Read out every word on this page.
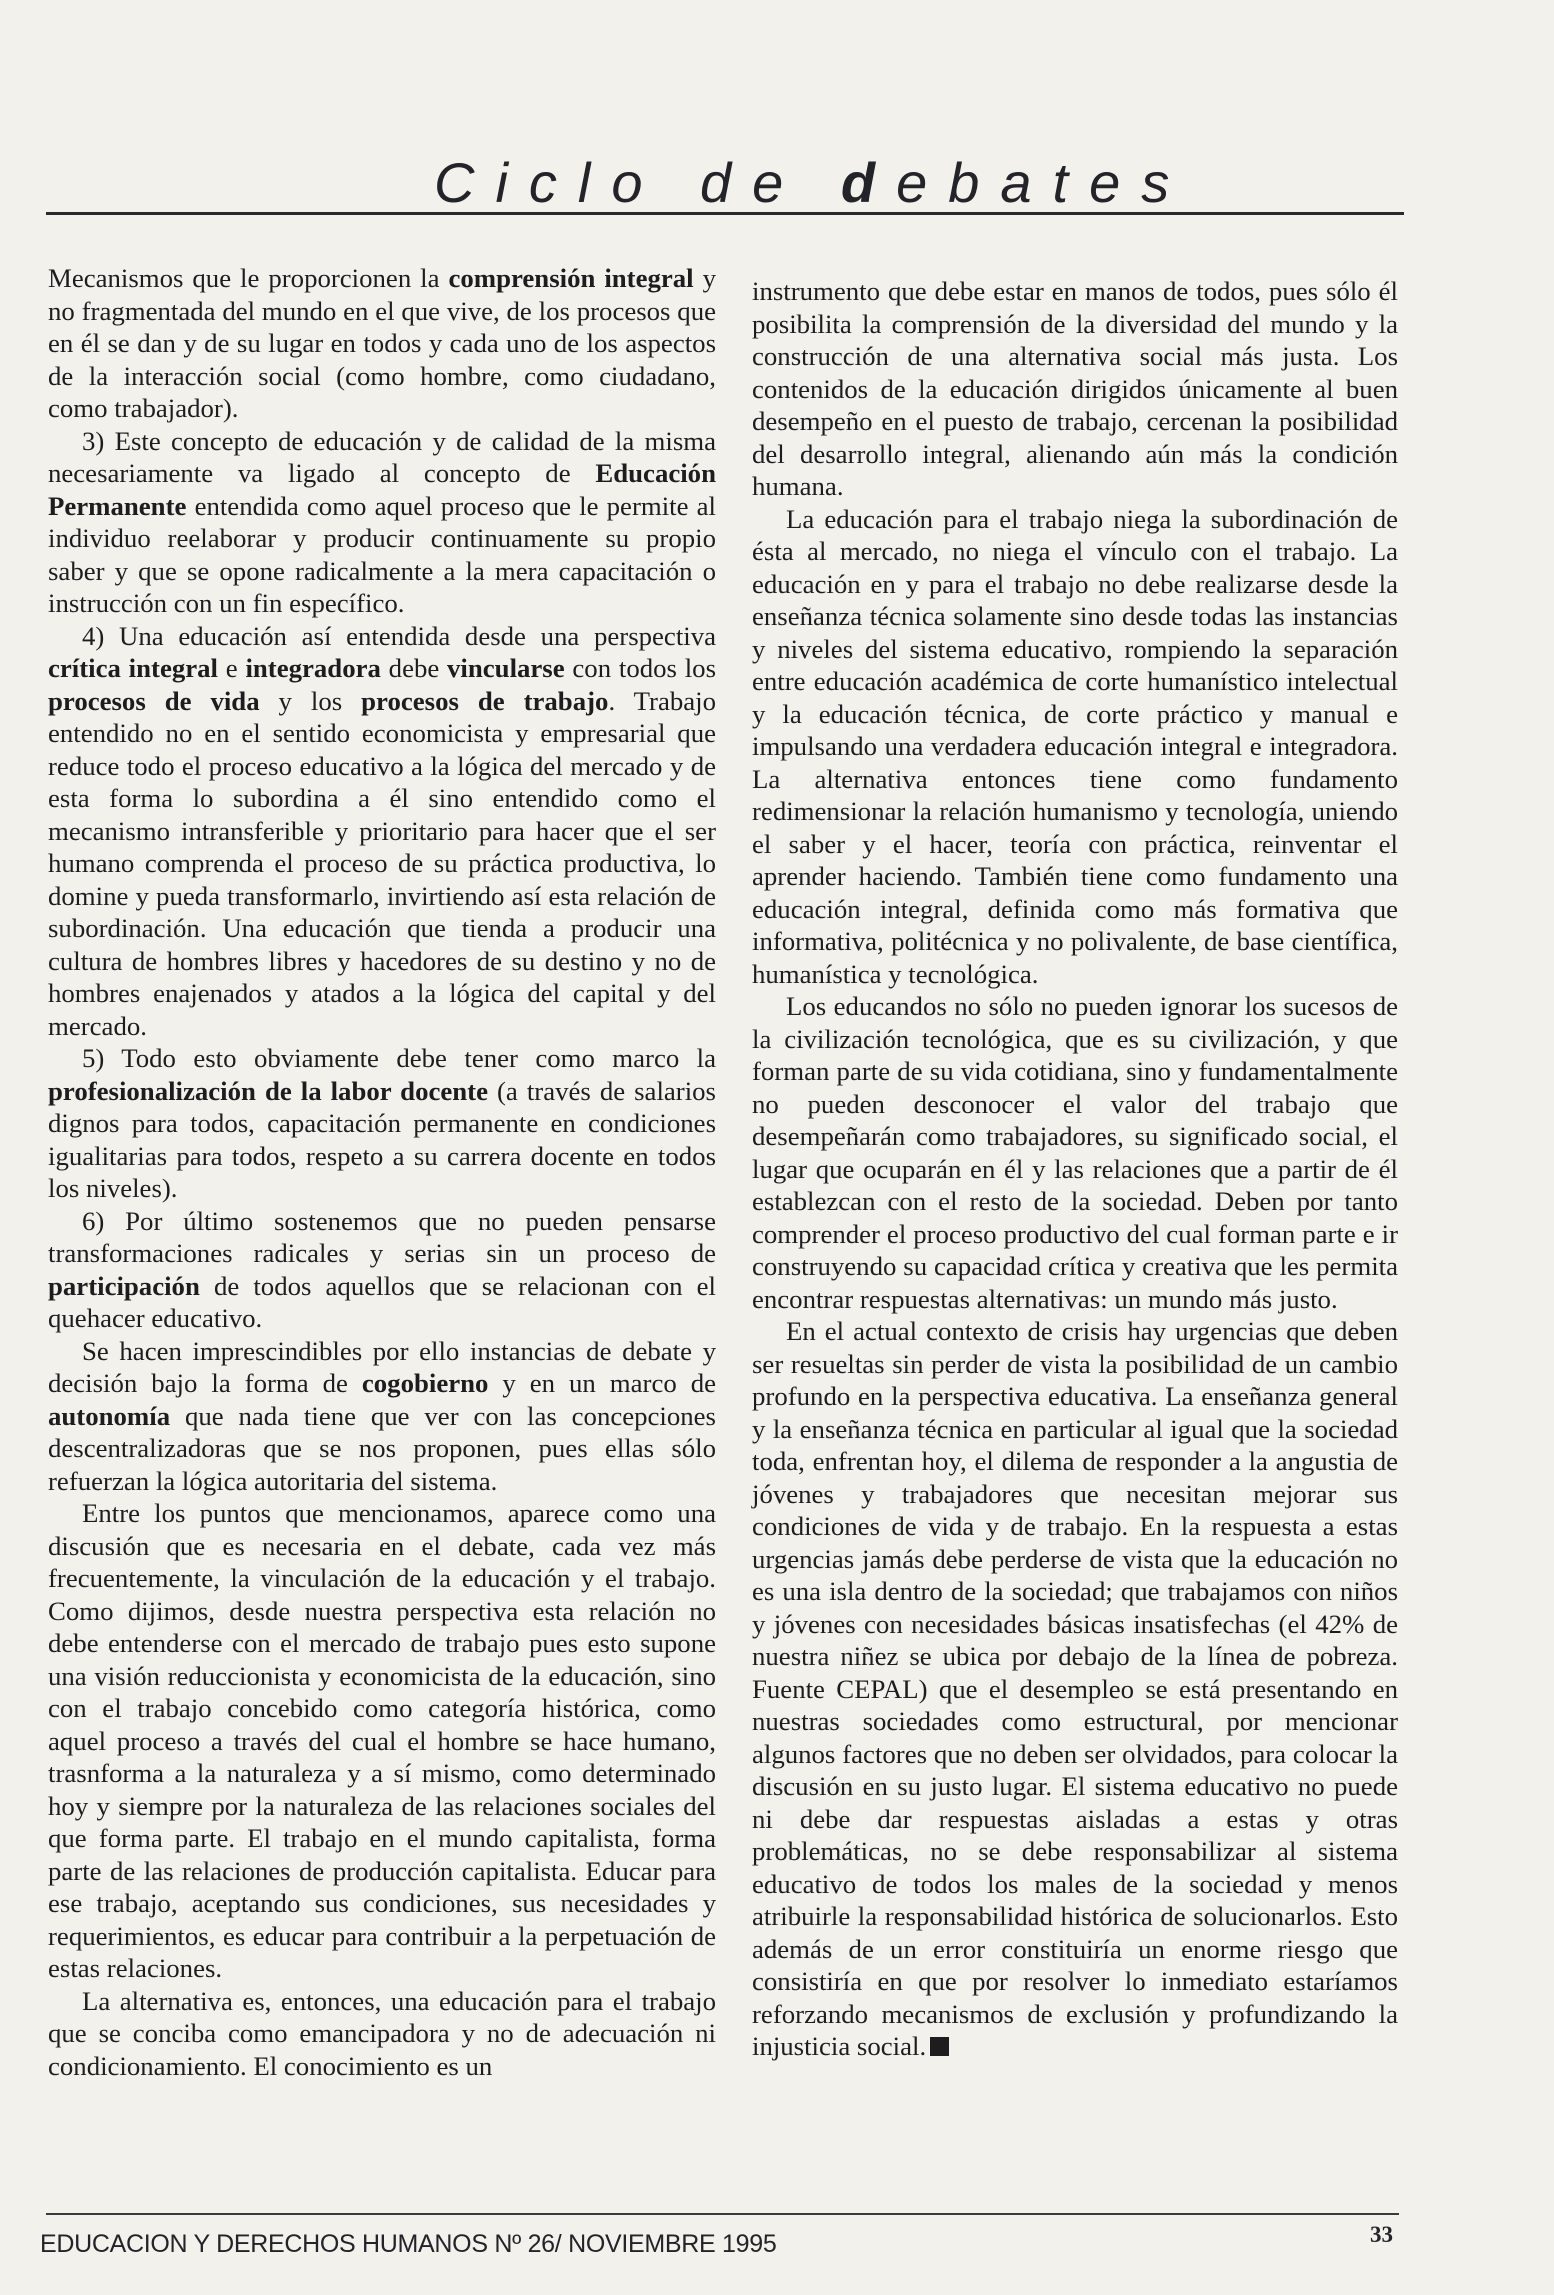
Ciclo de debates

Mecanismos que le proporcionen la comprensión integral y no fragmentada del mundo en el que vive, de los procesos que en él se dan y de su lugar en todos y cada uno de los aspectos de la interacción social (como hombre, como ciudadano, como trabajador).

3) Este concepto de educación y de calidad de la misma necesariamente va ligado al concepto de Educación Permanente entendida como aquel proceso que le permite al individuo reelaborar y producir continuamente su propio saber y que se opone radicalmente a la mera capacitación o instrucción con un fin específico.

4) Una educación así entendida desde una perspectiva crítica integral e integradora debe vincularse con todos los procesos de vida y los procesos de trabajo. Trabajo entendido no en el sentido economicista y empresarial que reduce todo el proceso educativo a la lógica del mercado y de esta forma lo subordina a él sino entendido como el mecanismo intransferible y prioritario para hacer que el ser humano comprenda el proceso de su práctica productiva, lo domine y pueda transformarlo, invirtiendo así esta relación de subordinación. Una educación que tienda a producir una cultura de hombres libres y hacedores de su destino y no de hombres enajenados y atados a la lógica del capital y del mercado.

5) Todo esto obviamente debe tener como marco la profesionalización de la labor docente (a través de salarios dignos para todos, capacitación permanente en condiciones igualitarias para todos, respeto a su carrera docente en todos los niveles).

6) Por último sostenemos que no pueden pensarse transformaciones radicales y serias sin un proceso de participación de todos aquellos que se relacionan con el quehacer educativo.

Se hacen imprescindibles por ello instancias de debate y decisión bajo la forma de cogobierno y en un marco de autonomía que nada tiene que ver con las concepciones descentralizadoras que se nos proponen, pues ellas sólo refuerzan la lógica autoritaria del sistema.

Entre los puntos que mencionamos, aparece como una discusión que es necesaria en el debate, cada vez más frecuentemente, la vinculación de la educación y el trabajo. Como dijimos, desde nuestra perspectiva esta relación no debe entenderse con el mercado de trabajo pues esto supone una visión reduccionista y economicista de la educación, sino con el trabajo concebido como categoría histórica, como aquel proceso a través del cual el hombre se hace humano, trasnforma a la naturaleza y a sí mismo, como determinado hoy y siempre por la naturaleza de las relaciones sociales del que forma parte. El trabajo en el mundo capitalista, forma parte de las relaciones de producción capitalista. Educar para ese trabajo, aceptando sus condiciones, sus necesidades y requerimientos, es educar para contribuir a la perpetuación de estas relaciones.

La alternativa es, entonces, una educación para el trabajo que se conciba como emancipadora y no de adecuación ni condicionamiento. El conocimiento es un

instrumento que debe estar en manos de todos, pues sólo él posibilita la comprensión de la diversidad del mundo y la construcción de una alternativa social más justa. Los contenidos de la educación dirigidos únicamente al buen desempeño en el puesto de trabajo, cercenan la posibilidad del desarrollo integral, alienando aún más la condición humana.

La educación para el trabajo niega la subordinación de ésta al mercado, no niega el vínculo con el trabajo. La educación en y para el trabajo no debe realizarse desde la enseñanza técnica solamente sino desde todas las instancias y niveles del sistema educativo, rompiendo la separación entre educación académica de corte humanístico intelectual y la educación técnica, de corte práctico y manual e impulsando una verdadera educación integral e integradora. La alternativa entonces tiene como fundamento redimensionar la relación humanismo y tecnología, uniendo el saber y el hacer, teoría con práctica, reinventar el aprender haciendo. También tiene como fundamento una educación integral, definida como más formativa que informativa, politécnica y no polivalente, de base científica, humanística y tecnológica.

Los educandos no sólo no pueden ignorar los sucesos de la civilización tecnológica, que es su civilización, y que forman parte de su vida cotidiana, sino y fundamentalmente no pueden desconocer el valor del trabajo que desempeñarán como trabajadores, su significado social, el lugar que ocuparán en él y las relaciones que a partir de él establezcan con el resto de la sociedad. Deben por tanto comprender el proceso productivo del cual forman parte e ir construyendo su capacidad crítica y creativa que les permita encontrar respuestas alternativas: un mundo más justo.

En el actual contexto de crisis hay urgencias que deben ser resueltas sin perder de vista la posibilidad de un cambio profundo en la perspectiva educativa. La enseñanza general y la enseñanza técnica en particular al igual que la sociedad toda, enfrentan hoy, el dilema de responder a la angustia de jóvenes y trabajadores que necesitan mejorar sus condiciones de vida y de trabajo. En la respuesta a estas urgencias jamás debe perderse de vista que la educación no es una isla dentro de la sociedad; que trabajamos con niños y jóvenes con necesidades básicas insatisfechas (el 42% de nuestra niñez se ubica por debajo de la línea de pobreza. Fuente CEPAL) que el desempleo se está presentando en nuestras sociedades como estructural, por mencionar algunos factores que no deben ser olvidados, para colocar la discusión en su justo lugar. El sistema educativo no puede ni debe dar respuestas aisladas a estas y otras problemáticas, no se debe responsabilizar al sistema educativo de todos los males de la sociedad y menos atribuirle la responsabilidad histórica de solucionarlos. Esto además de un error constituiría un enorme riesgo que consistiría en que por resolver lo inmediato estaríamos reforzando mecanismos de exclusión y profundizando la injusticia social.

EDUCACION Y DERECHOS HUMANOS Nº 26/ NOVIEMBRE 1995	33
